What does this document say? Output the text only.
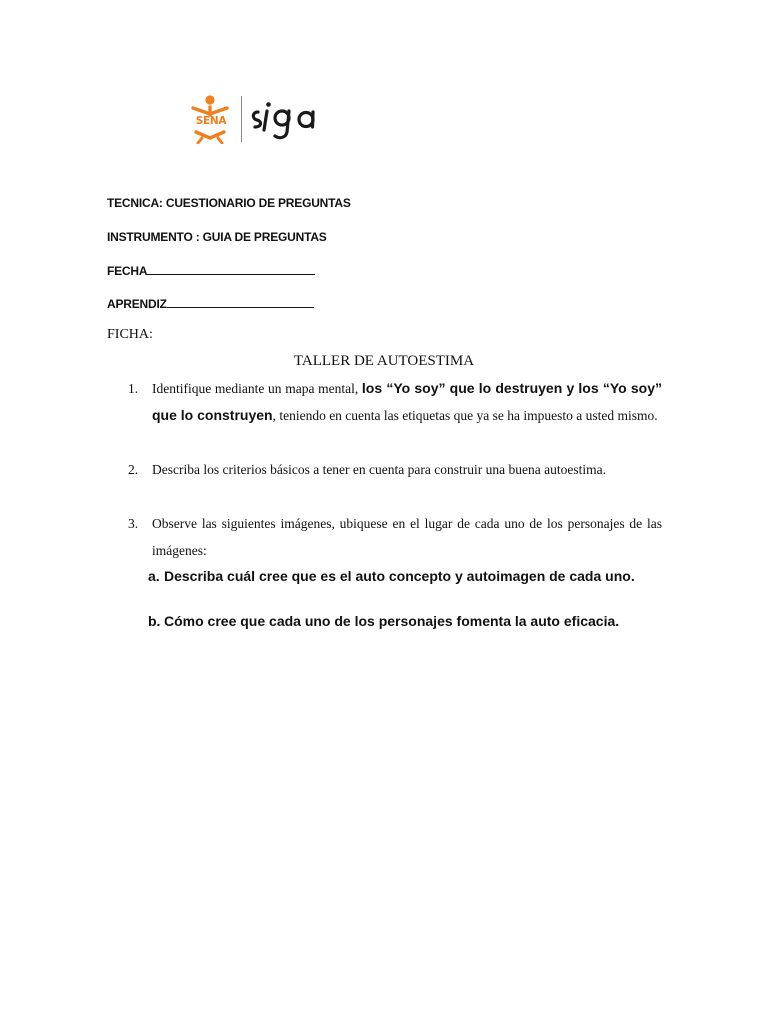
SENA
TECNICA: CUESTIONARIO DE PREGUNTAS
INSTRUMENTO : GUIA DE PREGUNTAS
FECHA
APRENDIZ
FICHA:
TALLER DE AUTOESTIMA
1. Identifique mediante un mapa mental, los “Yo soy” que lo destruyen y los “Yo soy” que lo construyen, teniendo en cuenta las etiquetas que ya se ha impuesto a usted mismo.
2. Describa los criterios básicos a tener en cuenta para construir una buena autoestima.
3. Observe las siguientes imágenes, ubiquese en el lugar de cada uno de los personajes de las imágenes:
a. Describa cuál cree que es el auto concepto y autoimagen de cada uno.
b. Cómo cree que cada uno de los personajes fomenta la auto eficacia.
